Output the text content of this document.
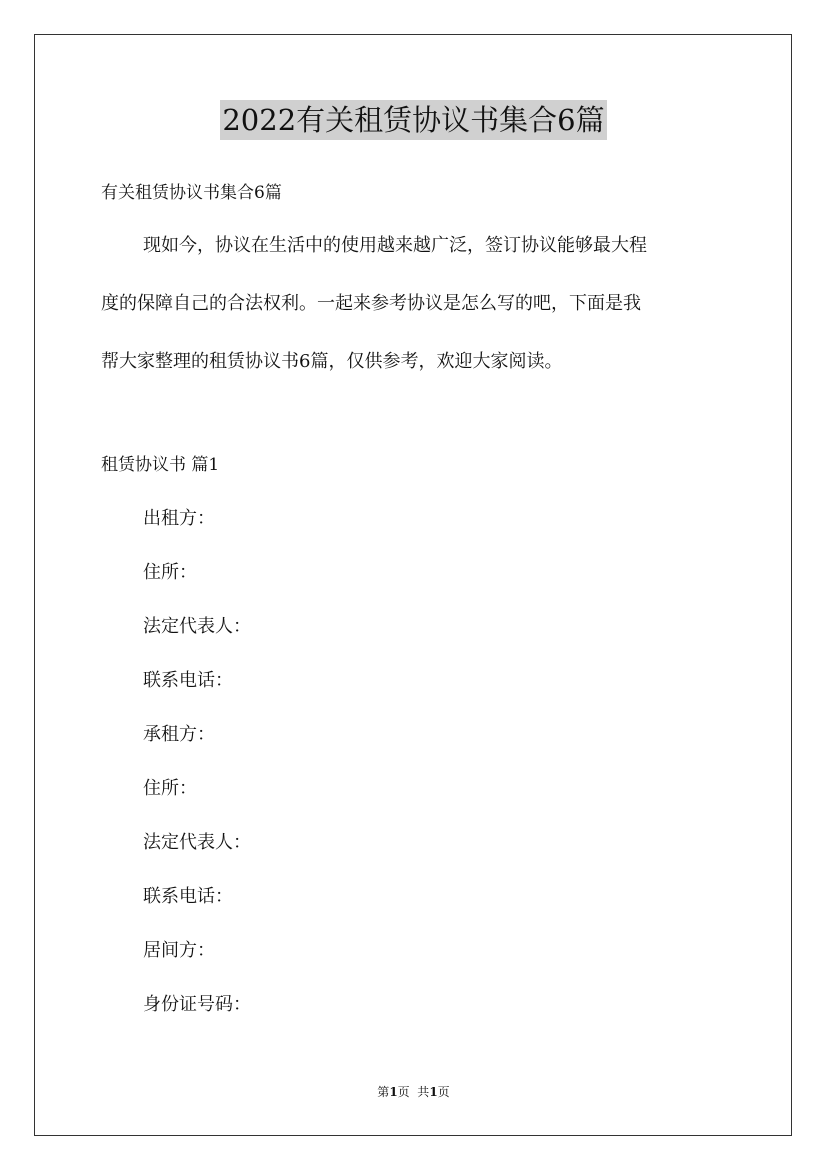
2022有关租赁协议书集合6篇
有关租赁协议书集合6篇
现如今，协议在生活中的使用越来越广泛，签订协议能够最大程
度的保障自己的合法权利。一起来参考协议是怎么写的吧，下面是我
帮大家整理的租赁协议书6篇，仅供参考，欢迎大家阅读。
租赁协议书 篇1
出租方：
住所：
法定代表人：
联系电话：
承租方：
住所：
法定代表人：
联系电话：
居间方：
身份证号码：
第1页  共1页
